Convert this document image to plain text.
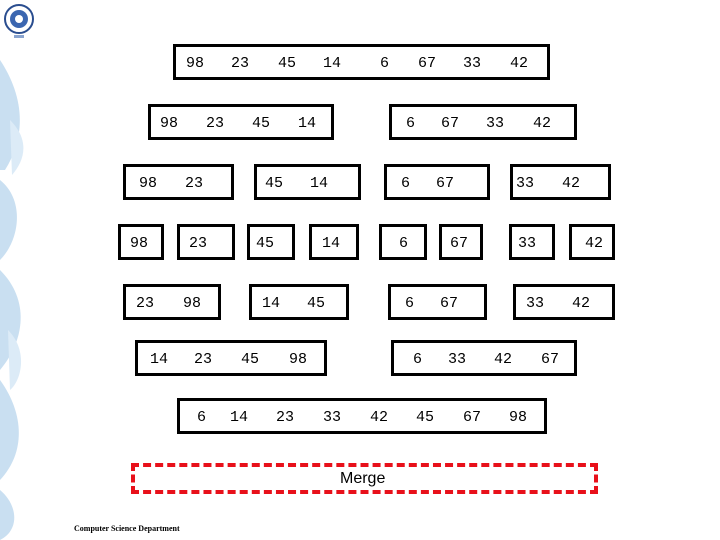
98 23 45 14	6 67 33 42
98 23 45 14	6 67 33 42
98 23	45 14	6 67	33 42
98	23	45	14	6	67	33	42
23 98	14 45	6 67	33 42
14 23 45 98	6 33 42 67
6 14 23 33 42 45 67 98
Merge
Computer Science Department
